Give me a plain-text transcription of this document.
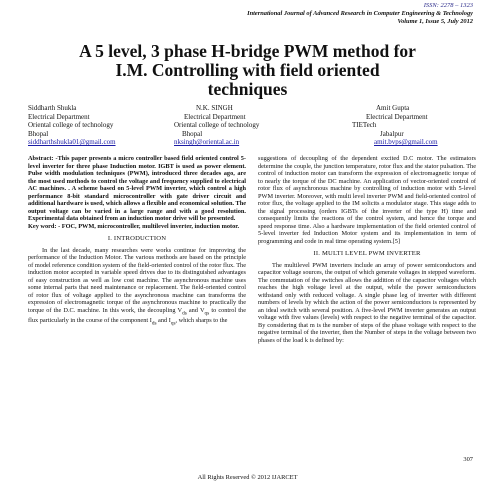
ISSN: 2278 – 1323
International Journal of Advanced Research in Computer Engineering & Technology
Volume 1, Issue 5, July 2012
A 5 level, 3 phase H-bridge PWM method for
I.M. Controlling with field oriented
techniques
Siddharth Shukla
Electrical Department
Oriental college of technology
Bhopal
siddharthshukla01@gmail.com
N.K. SINGH
Electrical Department
Oriental college of technology
Bhopal
nksingh@oriental.ac.in
Amit Gupta
Electrical Department
TIETech
Jabalpur
amit.bvps@gmail.com

Abstract: -This paper presents a micro controller based field oriented control 5-level inverter for three phase Induction motor. IGBT is used as power element. Pulse width modulation techniques (PWM), introduced three decades ago, are the most used methods to control the voltage and frequency supplied to electrical AC machines. . A scheme based on 5-level PWM inverter, which control a high performance 8-bit standard microcontroller with gate driver circuit and additional hardware is used, which allows a flexible and economical solution. The output voltage can be varied in a large range and with a good resolution. Experimental data obtained from an induction motor drive will be presented.

Key word: - FOC, PWM, microcontroller, multilevel inverter, induction motor.

I. INTRODUCTION

In the last decade, many researches were works continue for improving the performance of the Induction Motor. The various methods are based on the principle of model reference condition system of the field-oriented control of the rotor flux. The induction motor accepted in variable speed drives due to its distinguished advantages of easy construction as well as low cost machine. The asynchronous machine uses some internal parts that need maintenance or replacement. The field-oriented control of rotor flux of voltage applied to the asynchronous machine can transforms the expression of electromagnetic torque of the asynchronous machine to practically the torque of the D.C. machine. In this work, the decoupling $V_{ds}$ and $V_{qs}$ to control the flux particularly in the course of the component $I_{ds}$ and $I_{qs}$, which sharps to the

suggestions of decoupling of the dependent excited D.C motor. The estimators determine the couple, the junction temperature, rotor flux and the stator pulsation. The control of induction motor can transform the expression of electromagnetic torque of to nearly the torque of the DC machine. An application of vector-oriented control of rotor flux of asynchronous machine by controlling of induction motor with 5-level PWM inverter. Moreover, with multi level inverter PWM and field-oriented control of rotor flux, the voltage applied to the IM solicits a modulator stage. This stage adds to the signal processing (orders IGBTs of the inverter of the type H) time and consequently limits the reactions of the control system, and hence the torque and speed response time. Also a hardware implementation of the field oriented control of 5-level inverter fed Induction Motor system and its implementation in term of programming and code in real time operating system.[5]

II. MULTI LEVEL PWM INVERTER

The multilevel PWM inverters include an array of power semiconductors and capacitor voltage sources, the output of which generate voltages in stepped waveform. The commutation of the switches allows the addition of the capacitor voltages which reaches the high voltage level at the output, while the power semiconductors withstand only with reduced voltage. A single phase leg of inverter with different numbers of levels by which the action of the power semiconductors is represented by an ideal switch with several position. A five-level PWM inverter generates an output voltage with five values (levels) with respect to the negative terminal of the capacitor. By considering that m is the number of steps of the phase voltage with respect to the negative terminal of the inverter, then the Number of steps in the voltage between two phases of the load k is defined by:

307
All Rights Reserved © 2012 IJARCET
